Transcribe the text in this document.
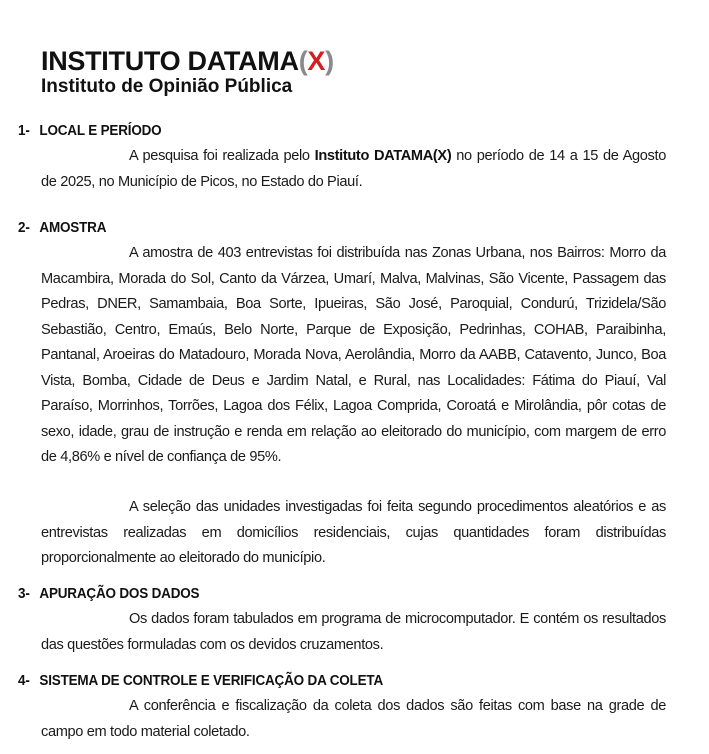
INSTITUTO DATAMA(X)
Instituto de Opinião Pública
1- LOCAL E PERÍODO
A pesquisa foi realizada pelo Instituto DATAMA(X) no período de 14 a 15 de Agosto de 2025, no Município de Picos, no Estado do Piauí.
2- AMOSTRA
A amostra de 403 entrevistas foi distribuída nas Zonas Urbana, nos Bairros: Morro da Macambira, Morada do Sol, Canto da Várzea, Umarí, Malva, Malvinas, São Vicente, Passagem das Pedras, DNER, Samambaia, Boa Sorte, Ipueiras, São José, Paroquial, Condurú, Trizidela/São Sebastião, Centro, Emaús, Belo Norte, Parque de Exposição, Pedrinhas, COHAB, Paraibinha, Pantanal, Aroeiras do Matadouro, Morada Nova, Aerolândia, Morro da AABB, Catavento, Junco, Boa Vista, Bomba, Cidade de Deus e Jardim Natal, e Rural, nas Localidades: Fátima do Piauí, Val Paraíso, Morrinhos, Torrões, Lagoa dos Félix, Lagoa Comprida, Coroatá e Mirolândia, pôr cotas de sexo, idade, grau de instrução e renda em relação ao eleitorado do município, com margem de erro de 4,86% e nível de confiança de 95%.
A seleção das unidades investigadas foi feita segundo procedimentos aleatórios e as entrevistas realizadas em domicílios residenciais, cujas quantidades foram distribuídas proporcionalmente ao eleitorado do município.
3- APURAÇÃO DOS DADOS
Os dados foram tabulados em programa de microcomputador. E contém os resultados das questões formuladas com os devidos cruzamentos.
4- SISTEMA DE CONTROLE E VERIFICAÇÃO DA COLETA
A conferência e fiscalização da coleta dos dados são feitas com base na grade de campo em todo material coletado.
